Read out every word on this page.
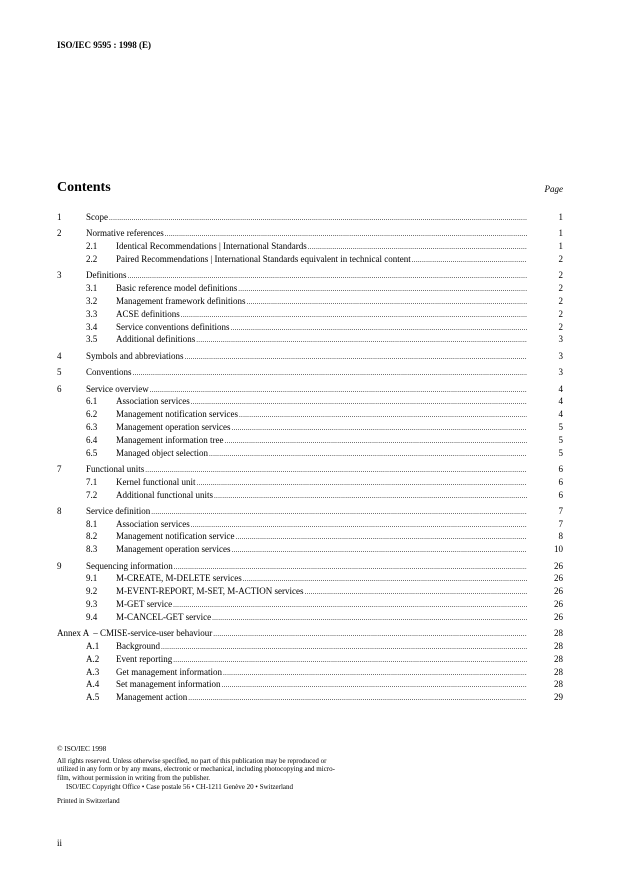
ISO/IEC 9595 : 1998 (E)
Contents	Page
1	Scope .....	1
2	Normative references .....	1
2.1	Identical Recommendations | International Standards .....	1
2.2	Paired Recommendations | International Standards equivalent in technical content .....	2
3	Definitions .....	2
3.1	Basic reference model definitions .....	2
3.2	Management framework definitions .....	2
3.3	ACSE definitions .....	2
3.4	Service conventions definitions .....	2
3.5	Additional definitions .....	3
4	Symbols and abbreviations .....	3
5	Conventions .....	3
6	Service overview .....	4
6.1	Association services .....	4
6.2	Management notification services .....	4
6.3	Management operation services .....	5
6.4	Management information tree .....	5
6.5	Managed object selection .....	5
7	Functional units .....	6
7.1	Kernel functional unit .....	6
7.2	Additional functional units .....	6
8	Service definition .....	7
8.1	Association services .....	7
8.2	Management notification service .....	8
8.3	Management operation services .....	10
9	Sequencing information .....	26
9.1	M-CREATE, M-DELETE services .....	26
9.2	M-EVENT-REPORT, M-SET, M-ACTION services .....	26
9.3	M-GET service .....	26
9.4	M-CANCEL-GET service .....	26
Annex A – CMISE-service-user behaviour .....	28
A.1	Background .....	28
A.2	Event reporting .....	28
A.3	Get management information .....	28
A.4	Set management information .....	28
A.5	Management action .....	29
© ISO/IEC 1998
All rights reserved. Unless otherwise specified, no part of this publication may be reproduced or
utilized in any form or by any means, electronic or mechanical, including photocopying and micro-
film, without permission in writing from the publisher.
ISO/IEC Copyright Office • Case postale 56 • CH-1211 Genève 20 • Switzerland
Printed in Switzerland
ii
